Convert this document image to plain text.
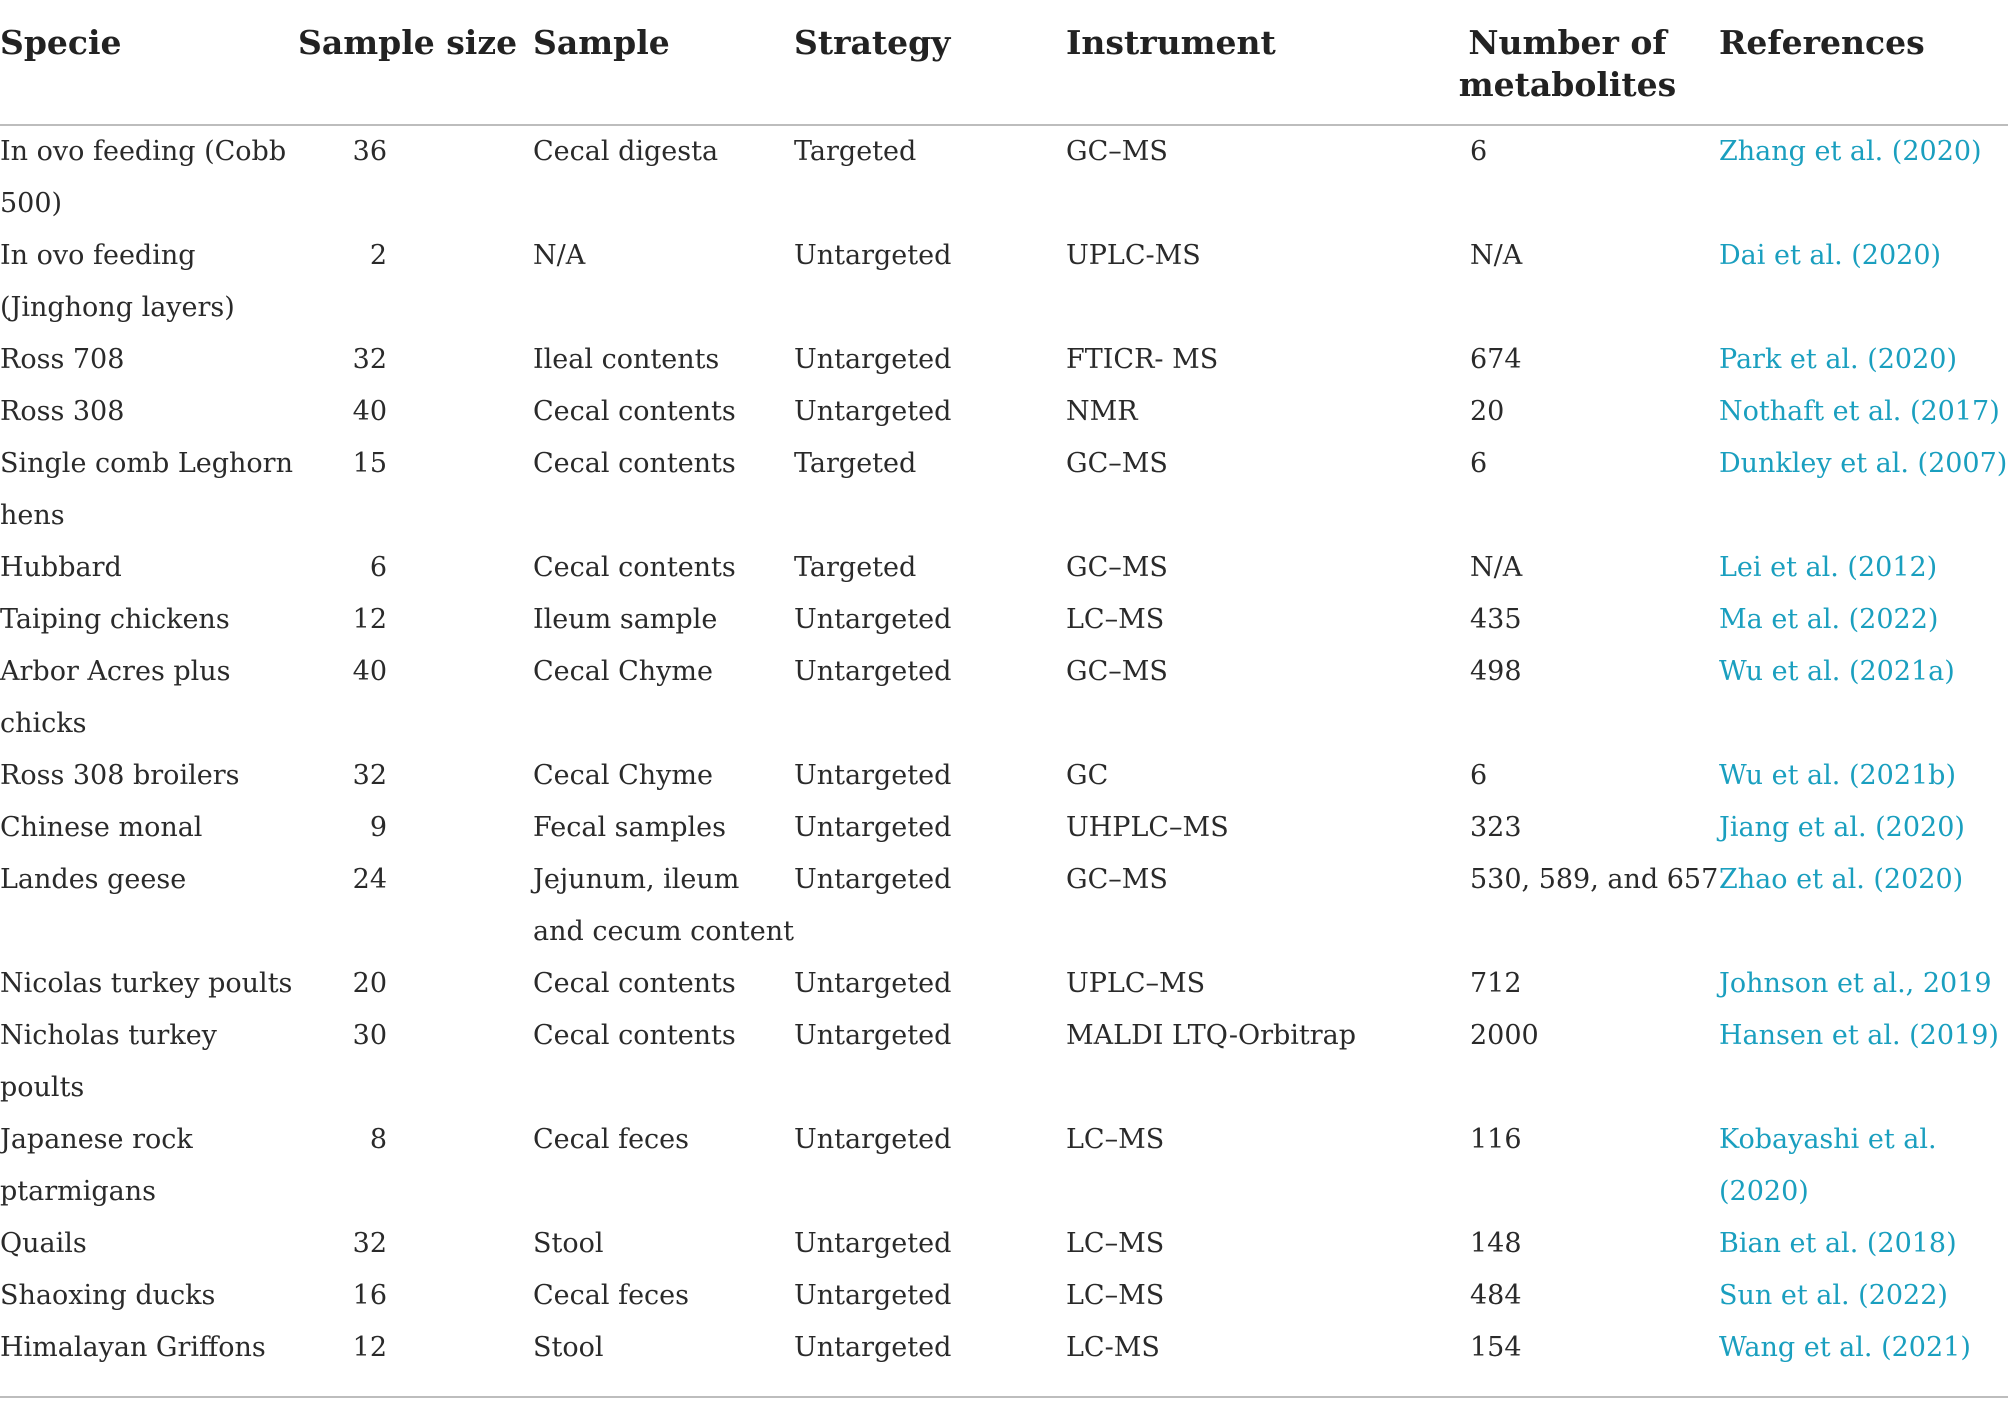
Specie	Sample size	Sample	Strategy	Instrument	Number of
metabolites	References
In ovo feeding (Cobb 500)	36	Cecal digesta	Targeted	GC–MS	6	Zhang et al. (2020)
In ovo feeding (Jinghong layers)	2	N/A	Untargeted	UPLC-MS	N/A	Dai et al. (2020)
Ross 708	32	Ileal contents	Untargeted	FTICR- MS	674	Park et al. (2020)
Ross 308	40	Cecal contents	Untargeted	NMR	20	Nothaft et al. (2017)
Single comb Leghorn hens	15	Cecal contents	Targeted	GC–MS	6	Dunkley et al. (2007)
Hubbard	6	Cecal contents	Targeted	GC–MS	N/A	Lei et al. (2012)
Taiping chickens	12	Ileum sample	Untargeted	LC–MS	435	Ma et al. (2022)
Arbor Acres plus chicks	40	Cecal Chyme	Untargeted	GC–MS	498	Wu et al. (2021a)
Ross 308 broilers	32	Cecal Chyme	Untargeted	GC	6	Wu et al. (2021b)
Chinese monal	9	Fecal samples	Untargeted	UHPLC–MS	323	Jiang et al. (2020)
Landes geese	24	Jejunum, ileum and cecum content	Untargeted	GC–MS	530, 589, and 657	Zhao et al. (2020)
Nicolas turkey poults	20	Cecal contents	Untargeted	UPLC–MS	712	Johnson et al., 2019
Nicholas turkey poults	30	Cecal contents	Untargeted	MALDI LTQ-Orbitrap	2000	Hansen et al. (2019)
Japanese rock ptarmigans	8	Cecal feces	Untargeted	LC–MS	116	Kobayashi et al. (2020)
Quails	32	Stool	Untargeted	LC–MS	148	Bian et al. (2018)
Shaoxing ducks	16	Cecal feces	Untargeted	LC–MS	484	Sun et al. (2022)
Himalayan Griffons	12	Stool	Untargeted	LC-MS	154	Wang et al. (2021)
